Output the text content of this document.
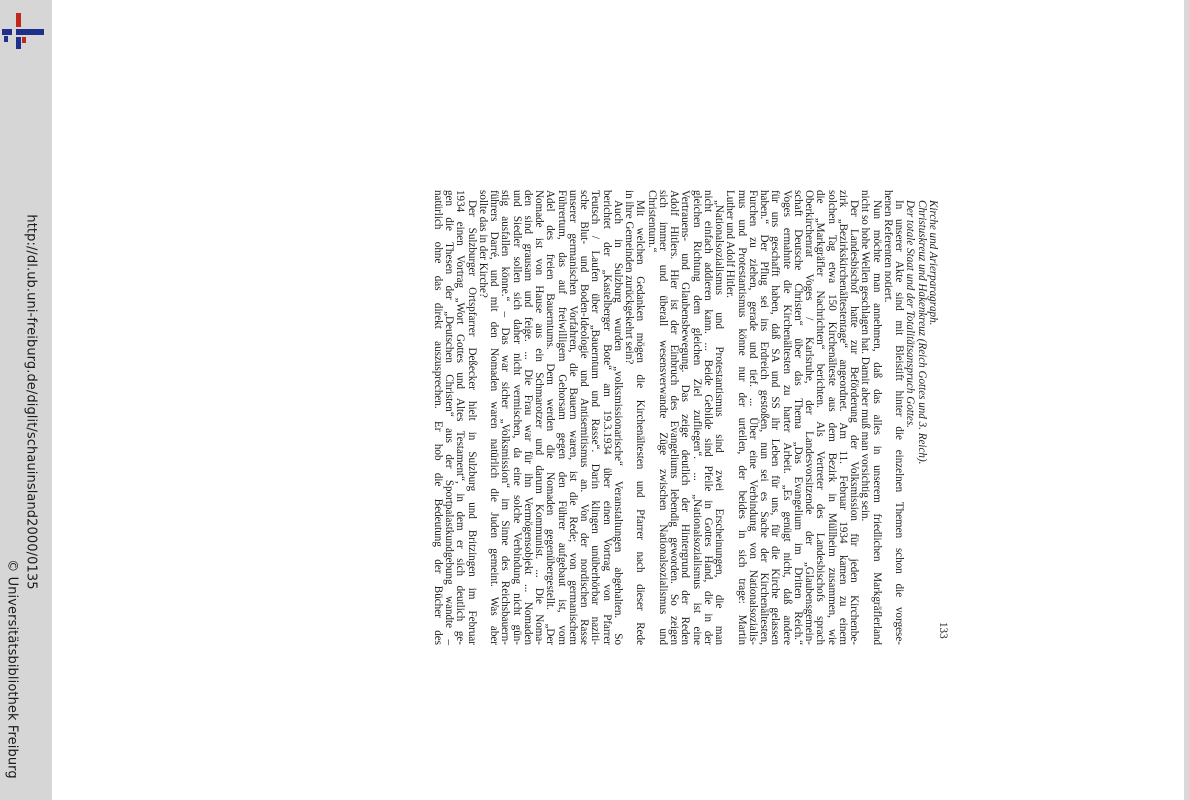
http://dl.ub.uni-freiburg.de/diglit/schauinsland2000/0135
© Universitätsbibliothek Freiburg	133
Kirche und Arierparagraph.
Christuskreuz und Hakenkreuz (Reich Gottes und 3. Reich).
Der totale Staat und der Totalitätsanspruch Gottes.
In unserer Akte sind mit Bleistift hinter die einzelnen Themen schon die vorgese-
henen Referenten notiert.
Nun möchte man annehmen, daß das alles in unserem friedlichen Markgräflerland
nicht so hohe Wellen geschlagen hat. Damit aber muß man vorsichtig sein.
Der Landesbischof hatte zur Beförderung der Volksmission für jeden Kirchenbe-
zirk „Bezirkskirchenältestentage“ angeordnet. Am 11. Februar 1934 kamen zu einem
solchen Tag etwa 150 Kirchenälteste aus dem Bezirk in Müllheim zusammen, wie
die „Markgräfler Nachrichten“ berichten. Als Vertreter des Landesbischofs sprach
Oberkirchenrat Voges / Karlsruhe, der Landesvorsitzende der „Glaubensgemein-
schaft Deutsche Christen“ über das Thema „Das Evangelium im Dritten Reich.“
Voges ermahnte die Kirchenältesten zu harter Arbeit. „Es genügt nicht, daß andere
für uns geschafft haben, daß SA und SS ihr Leben für uns, für die Kirche gelassen
haben.“ Der Pflug sei ins Erdreich gestoßen, nun sei es Sache der Kirchenältesten,
Furchen zu ziehen, gerade und tief. ... Über eine Verbindung von Nationalsozialis-
mus und Protestantismus könne nur der urteilen, der beides in sich trage: Martin
Luther und Adolf Hitler.
„Nationalsozialismus und Protestantismus sind zwei Erscheinungen, die man
nicht einfach addieren kann. ... Beide Gebilde sind Pfeile in Gottes Hand, die in der
gleichen Richtung dem gleichen Ziel zufliegen“. ... „Nationalsozialismus ist eine
Vertrauens- und Glaubensbewegung. Das zeige deutlich der Hintergrund der Reden
Adolf Hitlers. Hier ist der Einbruch des Evangeliums lebendig geworden. So zeigen
sich immer und überall wesensverwandte Züge zwischen Nationalsozialismus und
Christentum.“
Mit welchen Gedanken mögen die Kirchenältesten und Pfarrer nach dieser Rede
in ihre Gemeinden zurückgekehrt sein?
Auch in Sulzburg wurden „volksmissionarische“ Veranstaltungen abgehalten. So
berichtet der „Kastelberger Bote“ am 19.3.1934 über einen Vortrag von Pfarrer
Teutsch / Laufen über „Bauerntum und Rasse“. Darin klingen unüberhörbar naziti-
sche Blut- und Boden-Ideologie und Antisemitismus an. Von der nordischen Rasse
unserer germanischen Vorfahren, die Bauern waren, ist die Rede; von germanischem
Führertum, das auf freiwilligem Gehorsam gegen den Führer aufgebaut ist, vom
Adel des freien Bauerntums. Dem werden die Nomaden gegenübergestellt. „Der
Nomade ist von Hause aus ein Schmarotzer und darum Kommunist. ... Die Noma-
den sind grausam und feige. ... Die Frau war für ihn Vermögensobjekt ... Nomaden
und Siedler sollen sich daher nicht vermischen, da eine solche Verbindung nicht gün-
stig ausfallen könne.“ – Das war sicher „Volksmission“ im Sinne des Reichsbauern-
führers Darré, und mit den Nomaden waren natürlich die Juden gemeint. Was aber
sollte das in der Kirche?
Der Sulzburger Ortspfarrer Deßecker hielt in Sulzburg und Britzingen im Februar
1934 einen Vortrag „Wort Gottes und Altes Testament“, in dem er sich deutlich ge-
gen die Thesen der „Deutschen Christen“ aus der Sportpalastkundgebung wandte –
natürlich ohne das direkt auszusprechen. Er hob die Bedeutung der Bücher des
